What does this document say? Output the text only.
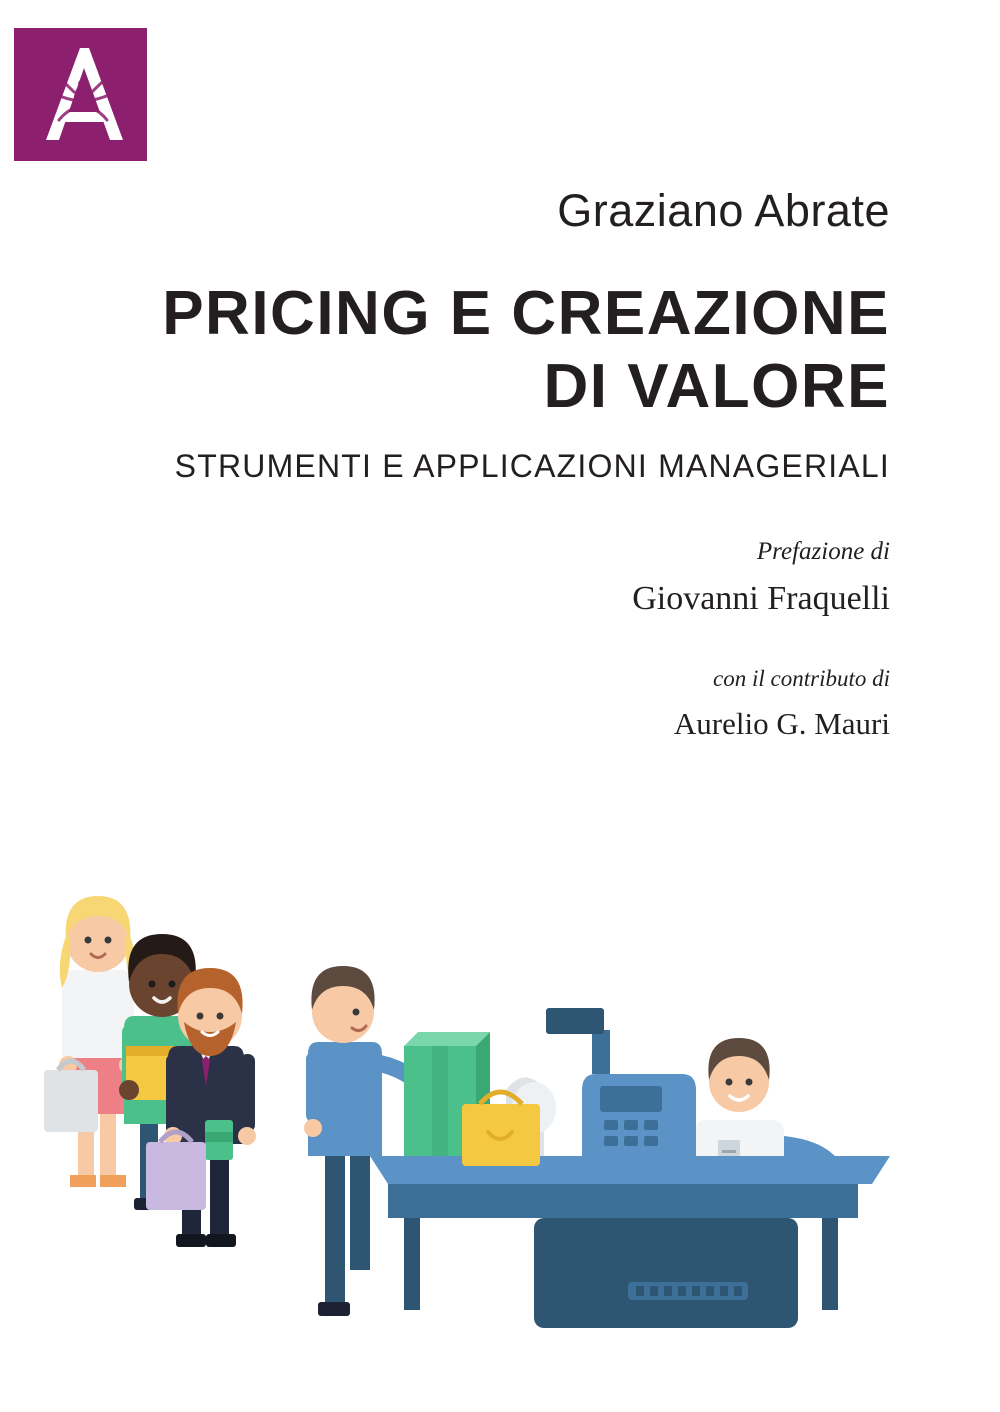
Graziano Abrate
PRICING E CREAZIONE
DI VALORE
STRUMENTI E APPLICAZIONI MANAGERIALI
Prefazione di
Giovanni Fraquelli
con il contributo di
Aurelio G. Mauri
